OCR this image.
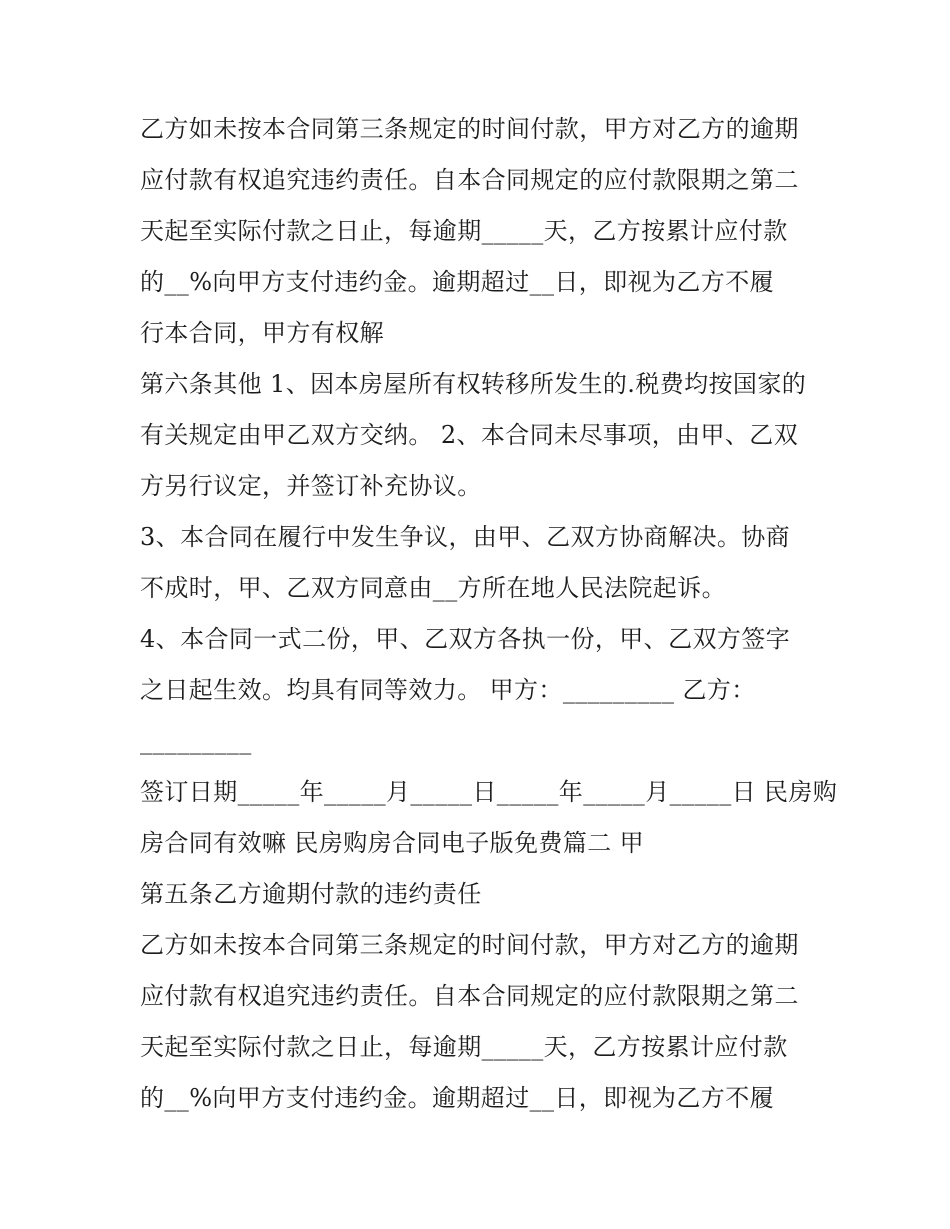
乙方如未按本合同第三条规定的时间付款，甲方对乙方的逾期
应付款有权追究违约责任。自本合同规定的应付款限期之第二
天起至实际付款之日止，每逾期_____天，乙方按累计应付款
的__%向甲方支付违约金。逾期超过__日，即视为乙方不履
行本合同，甲方有权解
第六条其他 1、因本房屋所有权转移所发生的.税费均按国家的
有关规定由甲乙双方交纳。 2、本合同未尽事项，由甲、乙双
方另行议定，并签订补充协议。
3、本合同在履行中发生争议，由甲、乙双方协商解决。协商
不成时，甲、乙双方同意由__方所在地人民法院起诉。
4、本合同一式二份，甲、乙双方各执一份，甲、乙双方签字
之日起生效。均具有同等效力。 甲方：_________ 乙方：
_________
签订日期_____年_____月_____日_____年_____月_____日 民房购
房合同有效嘛 民房购房合同电子版免费篇二 甲
第五条乙方逾期付款的违约责任
乙方如未按本合同第三条规定的时间付款，甲方对乙方的逾期
应付款有权追究违约责任。自本合同规定的应付款限期之第二
天起至实际付款之日止，每逾期_____天，乙方按累计应付款
的__%向甲方支付违约金。逾期超过__日，即视为乙方不履
